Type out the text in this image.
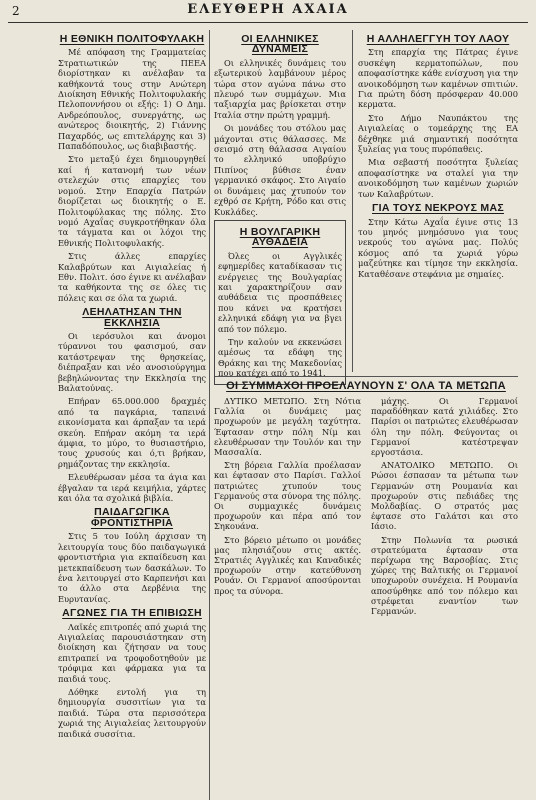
2	ΕΛΕΥΘΕΡΗ ΑΧΑΙΑ
Η ΕΘΝΙΚΗ ΠΟΛΙΤΟΦΥΛΑΚΗ

Μέ απόφαση της Γραμματείας Στρατιωτικών της ΠΕΕΑ διορίστηκαν κι ανέλαβαν τα καθήκοντά τους στην Ανώτερη Διοίκηση Εθνικής Πολιτοφυλακής Πελοποννήσου οι εξής: 1) Ο Δημ. Ανδρεόπουλος, συνεργάτης, ως ανώτερος διοικητής, 2) Γιάννης Παχαρδός, ως επιτελάρχης και 3) Παπαδόπουλος, ως διαβιβαστής.

Στο μεταξύ έχει δημιουργηθεί καί ή κατανομή των νέων στελεχών στις επαρχίες του νομού. Στην Επαρχία Πατρών διορίζεται ως διοικητής ο Ε. Πολιτοφύλακας της πόλης. Στο νομό Αχαΐας συγκροτήθηκαν όλα τα τάγματα και οι λόχοι της Εθνικής Πολιτοφυλακής.

Στις άλλες επαρχίες Καλαβρύτων και Αιγιαλείας ή Εθν. Πολιτ. όσο έγινε κι ανέλαβαν τα καθήκοντα της σε όλες τις πόλεις και σε όλα τα χωριά.

ΛΕΗΛΑΤΗΣΑΝ ΤΗΝ ΕΚΚΛΗΣΙΑ

Οι ιερόσυλοι και άνομοι τύραννοι του φασισμού, σαν κατάστρεψαν της θρησκείας, διέπραξαν και νέο ανοσιούργημα βεβηλώνοντας την Εκκλησία της Βαλατούνας.

Επήραν 65.000.000 δραχμές από τα παγκάρια, ταπεινά εικονίσματα και άρπαξαν τα ιερά σκεύη. Επήραν ακόμη τα ιερά άμφια, το μύρο, το θυσιαστήριο, τους χρυσούς και ό,τι βρήκαν, ρημάζοντας την εκκλησία.

Ελευθέρωσαν μέσα τα άγια και έβγαλαν τα ιερά κειμήλια, χάρτες και όλα τα σχολικά βιβλία.

ΠΑΙΔΑΓΩΓΙΚΑ ΦΡΟΝΤΙΣΤΗΡΙΑ

Στις 5 του Ιούλη άρχισαν τη λειτουργία τους δύο παιδαγωγικά φροντιστήρια για εκπαίδευση και μετεκπαίδευση των δασκάλων. Το ένα λειτουργεί στο Καρπενήσι και το άλλο στα Δερβένια της Ευρυτανίας.

ΑΓΩΝΕΣ ΓΙΑ ΤΗ ΕΠΙΒΙΩΣΗ

Λαϊκές επιτροπές από χωριά της Αιγιαλείας παρουσιάστηκαν στη διοίκηση και ζήτησαν να τους επιτραπεί να τροφοδοτηθούν με τρόφιμα και φάρμακα για τα παιδιά τους.

Δόθηκε εντολή για τη δημιουργία συσσιτίων για τα παιδιά. Τώρα στα περισσότερα χωριά της Αιγιαλείας λειτουργούν παιδικά συσσίτια.

ΟΙ ΕΛΛΗΝΙΚΕΣ ΔΥΝΑΜΕΙΣ

Οι ελληνικές δυνάμεις του εξωτερικού λαμβάνουν μέρος τώρα στον αγώνα πάνω στο πλευρό των συμμάχων. Μια ταξιαρχία μας βρίσκεται στην Ιταλία στην πρώτη γραμμή.

Οι μονάδες του στόλου μας μάχονται στις θάλασσες. Με σεισμό στη θάλασσα Αιγαίου το ελληνικό υποβρύχιο Πιπίνος βύθισε έναν γερμανικό σκάφος. Στο Αιγαίο οι δυνάμεις μας χτυπούν τον εχθρό σε Κρήτη, Ρόδο και στις Κυκλάδες.

Η ΒΟΥΛΓΑΡΙΚΗ ΑΥΘΑΔΕΙΑ

Όλες οι Αγγλικές εφημερίδες καταδίκασαν τις ενέργειες της Βουλγαρίας και χαρακτηρίζουν σαν αυθάδεια τις προσπάθειες που κάνει να κρατήσει ελληνικά εδάφη για να βγει από τον πόλεμο.

Την καλούν να εκκενώσει αμέσως τα εδάφη της Θράκης και της Μακεδονίας που κατέχει από το 1941.

Η ΑΛΛΗΛΕΓΓΥΗ ΤΟΥ ΛΑΟΥ

Στη επαρχία της Πάτρας έγινε συσκέψη κερματοπώλων, που αποφασίστηκε κάθε ενίσχυση για την ανοικοδόμηση των καμένων σπιτιών. Για πρώτη δόση πρόσφεραν 40.000 κερματα.

Στο Δήμο Ναυπάκτου της Αιγιαλείας ο τομεάρχης της ΕΑ δέχθηκε μιά σημαντική ποσότητα ξυλείας για τους πυρόπαθεις.

Μια σεβαστή ποσότητα ξυλείας αποφασίστηκε να σταλεί για την ανοικοδόμηση των καμένων χωριών των Καλαβρύτων.

ΓΙΑ ΤΟΥΣ ΝΕΚΡΟΥΣ ΜΑΣ

Στην Κάτω Αχαΐα έγινε στις 13 του μηνός μνημόσυνο για τους νεκρούς του αγώνα μας. Πολύς κόσμος από τα χωριά γύρω μαζεύτηκε και τίμησε την εκκλησία. Καταθέσανε στεφάνια με σημαίες.

ΟΙ ΣΥΜΜΑΧΟΙ ΠΡΟΕΛΑΥΝΟΥΝ Σ' ΟΛΑ ΤΑ ΜΕΤΩΠΑ

ΔΥΤΙΚΟ ΜΕΤΩΠΟ. Στη Νότια Γαλλία οι δυνάμεις μας προχωρούν με μεγάλη ταχύτητα. Έφτασαν στην πόλη Νίμ και ελευθέρωσαν την Τουλόν και την Μασσαλία.

Στη βόρεια Γαλλία προέλασαν και έφτασαν στο Παρίσι. Γαλλοί πατριώτες χτυπούν τους Γερμανούς στα σύνορα της πόλης. Οι συμμαχικές δυνάμεις προχωρούν και πέρα από τον Σηκουάνα.

Στο βόρειο μέτωπο οι μονάδες μας πλησιάζουν στις ακτές. Στρατιές Αγγλικές και Καναδικές προχωρούν στην κατεύθυνση Ρουάν. Οι Γερμανοί αποσύρονται προς τα σύνορα.

μάχης. Οι Γερμανοί παραδόθηκαν κατά χιλιάδες. Στο Παρίσι οι πατριώτες ελευθέρωσαν όλη την πόλη. Φεύγοντας οι Γερμανοί κατέστρεψαν εργοστάσια.

ΑΝΑΤΟΛΙΚΟ ΜΕΤΩΠΟ. Οι Ρώσοι έσπασαν τα μέτωπα των Γερμανών στη Ρουμανία και προχωρούν στις πεδιάδες της Μολδαβίας. Ο στρατός μας έφτασε στο Γαλάτσι και στο Ιάσιο.

Στην Πολωνία τα ρωσικά στρατεύματα έφτασαν στα περίχωρα της Βαρσοβίας. Στις χώρες της Βαλτικής οι Γερμανοί υποχωρούν συνέχεια. Η Ρουμανία αποσύρθηκε από τον πόλεμο και στρέφεται εναντίον των Γερμανών.
